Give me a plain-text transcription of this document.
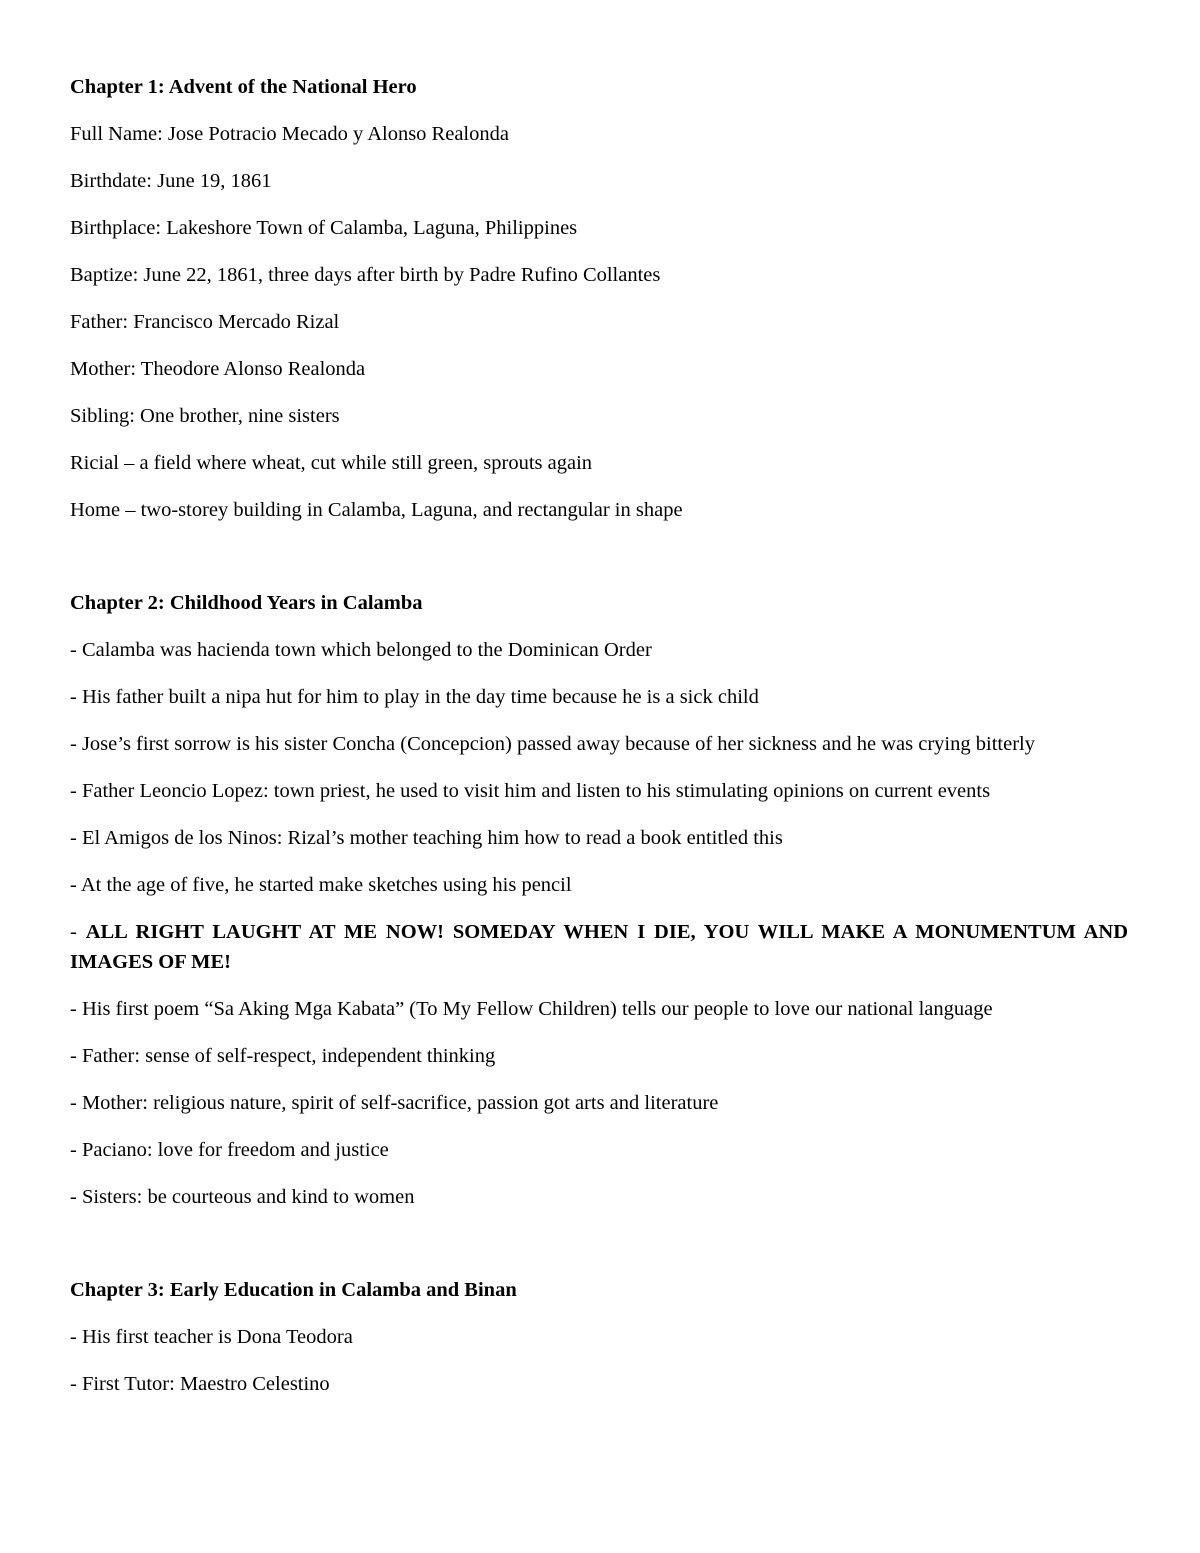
Chapter 1: Advent of the National Hero
Full Name: Jose Potracio Mecado y Alonso Realonda
Birthdate: June 19, 1861
Birthplace: Lakeshore Town of Calamba, Laguna, Philippines
Baptize: June 22, 1861, three days after birth by Padre Rufino Collantes
Father: Francisco Mercado Rizal
Mother: Theodore Alonso Realonda
Sibling: One brother, nine sisters
Ricial – a field where wheat, cut while still green, sprouts again
Home – two-storey building in Calamba, Laguna, and rectangular in shape
Chapter 2: Childhood Years in Calamba
- Calamba was hacienda town which belonged to the Dominican Order
- His father built a nipa hut for him to play in the day time because he is a sick child
- Jose’s first sorrow is his sister Concha (Concepcion) passed away because of her sickness and he was crying bitterly
- Father Leoncio Lopez: town priest, he used to visit him and listen to his stimulating opinions on current events
- El Amigos de los Ninos: Rizal’s mother teaching him how to read a book entitled this
- At the age of five, he started make sketches using his pencil
- ALL RIGHT LAUGHT AT ME NOW! SOMEDAY WHEN I DIE, YOU WILL MAKE A MONUMENTUM AND IMAGES OF ME!
- His first poem “Sa Aking Mga Kabata” (To My Fellow Children) tells our people to love our national language
- Father: sense of self-respect, independent thinking
- Mother: religious nature, spirit of self-sacrifice, passion got arts and literature
- Paciano: love for freedom and justice
- Sisters: be courteous and kind to women
Chapter 3: Early Education in Calamba and Binan
- His first teacher is Dona Teodora
- First Tutor: Maestro Celestino
